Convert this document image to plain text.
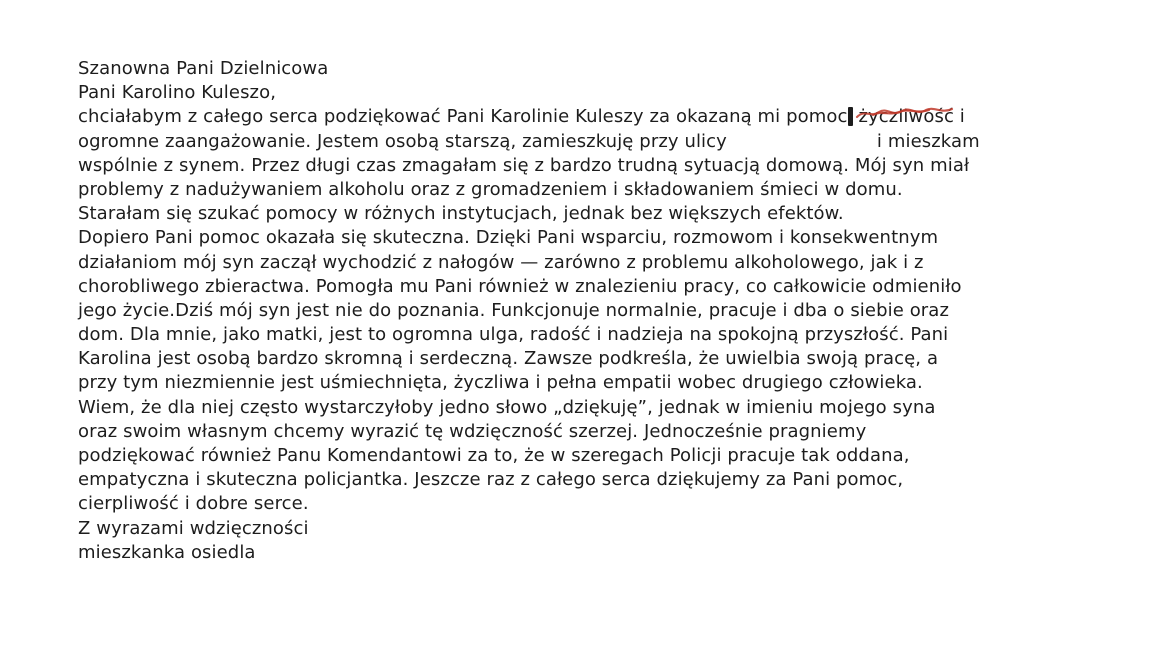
Szanowna Pani Dzielnicowa
Pani Karolino Kuleszo,
chciałabym z całego serca podziękować Pani Karolinie Kuleszy za okazaną mi pomoc życzliwość
i
ogromne zaangażowanie. Jestem osobą starszą, zamieszkuję przy ulicy	i mieszkam
wspólnie z synem. Przez długi czas zmagałam się z bardzo trudną sytuacją domową. Mój syn miał
problemy z nadużywaniem alkoholu oraz z gromadzeniem i składowaniem śmieci w domu.
Starałam się szukać pomocy w różnych instytucjach, jednak bez większych efektów.
Dopiero Pani pomoc okazała się skuteczna. Dzięki Pani wsparciu, rozmowom i konsekwentnym
działaniom mój syn zaczął wychodzić z nałogów — zarówno z problemu alkoholowego, jak i z
chorobliwego zbieractwa. Pomogła mu Pani również w znalezieniu pracy, co całkowicie odmieniło
jego życie.Dziś mój syn jest nie do poznania. Funkcjonuje normalnie, pracuje i dba o siebie oraz
dom. Dla mnie, jako matki, jest to ogromna ulga, radość i nadzieja na spokojną przyszłość. Pani
Karolina jest osobą bardzo skromną i serdeczną. Zawsze podkreśla, że uwielbia swoją pracę, a
przy tym niezmiennie jest uśmiechnięta, życzliwa i pełna empatii wobec drugiego człowieka.
Wiem, że dla niej często wystarczyłoby jedno słowo „dziękuję”, jednak w imieniu mojego syna
oraz swoim własnym chcemy wyrazić tę wdzięczność szerzej. Jednocześnie pragniemy
podziękować również Panu Komendantowi za to, że w szeregach Policji pracuje tak oddana,
empatyczna i skuteczna policjantka. Jeszcze raz z całego serca dziękujemy za Pani pomoc,
cierpliwość i dobre serce.
Z wyrazami wdzięczności
mieszkanka osiedla
